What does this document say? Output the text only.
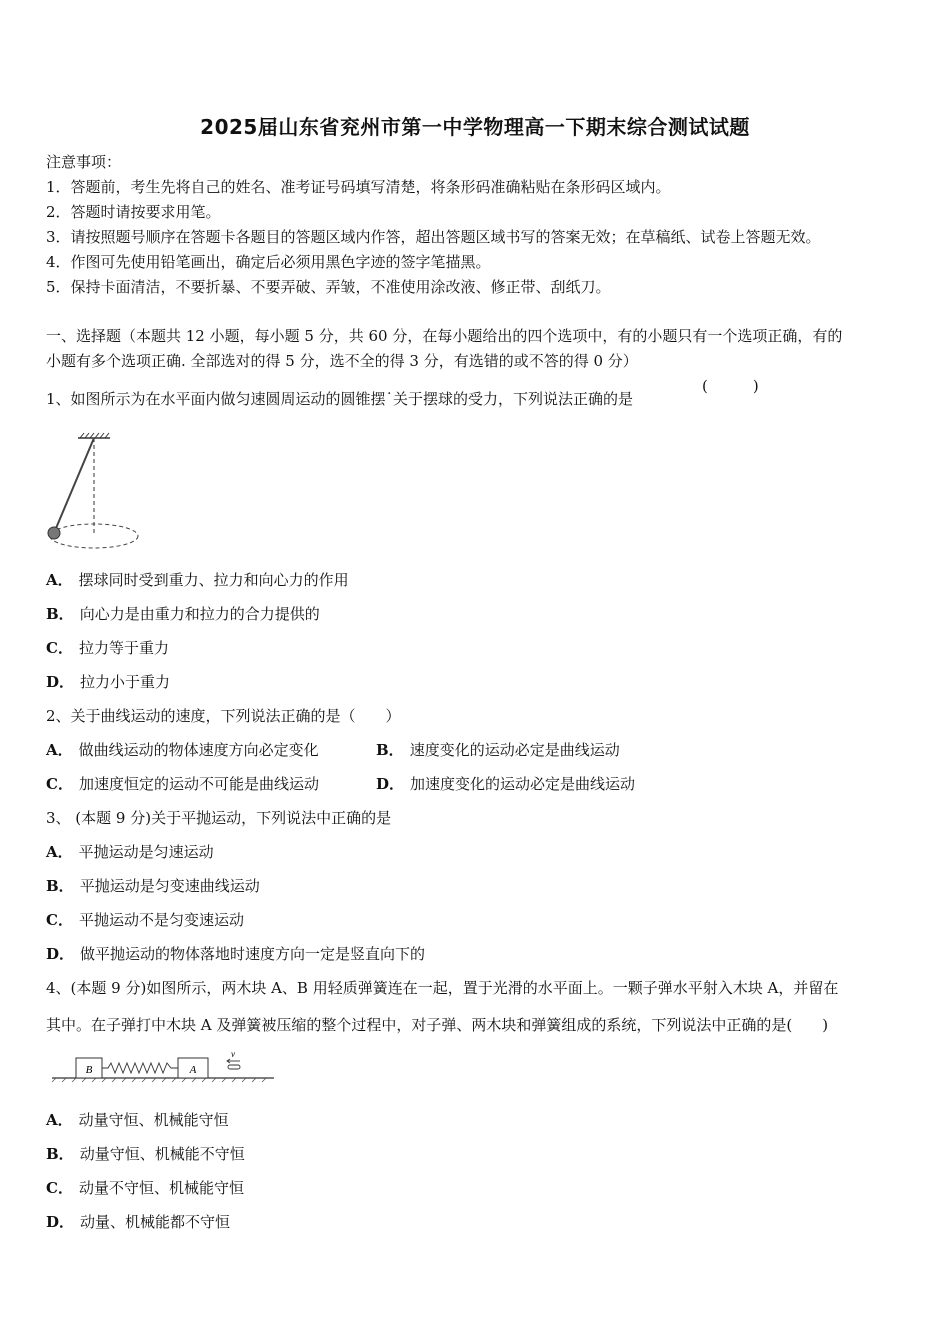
2025届山东省兖州市第一中学物理高一下期末综合测试试题
注意事项：
1．答题前，考生先将自己的姓名、准考证号码填写清楚，将条形码准确粘贴在条形码区域内。
2．答题时请按要求用笔。
3．请按照题号顺序在答题卡各题目的答题区域内作答，超出答题区域书写的答案无效；在草稿纸、试卷上答题无效。
4．作图可先使用铅笔画出，确定后必须用黑色字迹的签字笔描黑。
5．保持卡面清洁，不要折暴、不要弄破、弄皱，不准使用涂改液、修正带、刮纸刀。
一、选择题（本题共 12 小题，每小题 5 分，共 60 分，在每小题给出的四个选项中，有的小题只有一个选项正确，有的
小题有多个选项正确. 全部选对的得 5 分，选不全的得 3 分，有选错的或不答的得 0 分）
1、如图所示为在水平面内做匀速圆周运动的圆锥摆˙关于摆球的受力，下列说法正确的是
(　　　)
A． 摆球同时受到重力、拉力和向心力的作用
B． 向心力是由重力和拉力的合力提供的
C． 拉力等于重力
D． 拉力小于重力
2、关于曲线运动的速度，下列说法正确的是（　　）
A． 做曲线运动的物体速度方向必定变化	B． 速度变化的运动必定是曲线运动
C． 加速度恒定的运动不可能是曲线运动	D． 加速度变化的运动必定是曲线运动
3、 (本题 9 分)关于平抛运动，下列说法中正确的是
A． 平抛运动是匀速运动
B． 平抛运动是匀变速曲线运动
C． 平抛运动不是匀变速运动
D． 做平抛运动的物体落地时速度方向一定是竖直向下的
4、(本题 9 分)如图所示，两木块 A、B 用轻质弹簧连在一起，置于光滑的水平面上。一颗子弹水平射入木块 A，并留在
其中。在子弹打中木块 A 及弹簧被压缩的整个过程中，对子弹、两木块和弹簧组成的系统，下列说法中正确的是(　　)
B	A
v
A． 动量守恒、机械能守恒
B． 动量守恒、机械能不守恒
C． 动量不守恒、机械能守恒
D． 动量、机械能都不守恒
